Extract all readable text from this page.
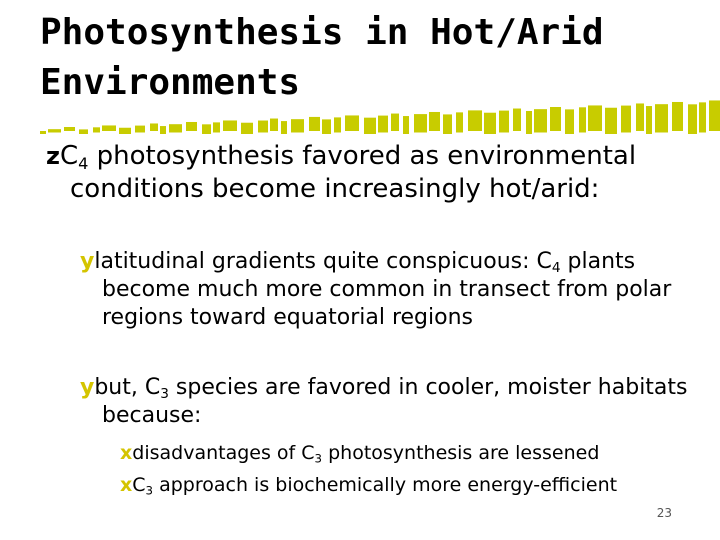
Photosynthesis in Hot/Arid
Environments
$zC_4$ photosynthesis favored as environmental conditions become increasingly hot/arid:
ylatitudinal gradients quite conspicuous: $C_4$ plants become much more common in transect from polar regions toward equatorial regions
ybut, $C_3$ species are favored in cooler, moister habitats because:
xdisadvantages of $C_3$ photosynthesis are lessened
$xC_3$ approach is biochemically more energy-efficient
23
